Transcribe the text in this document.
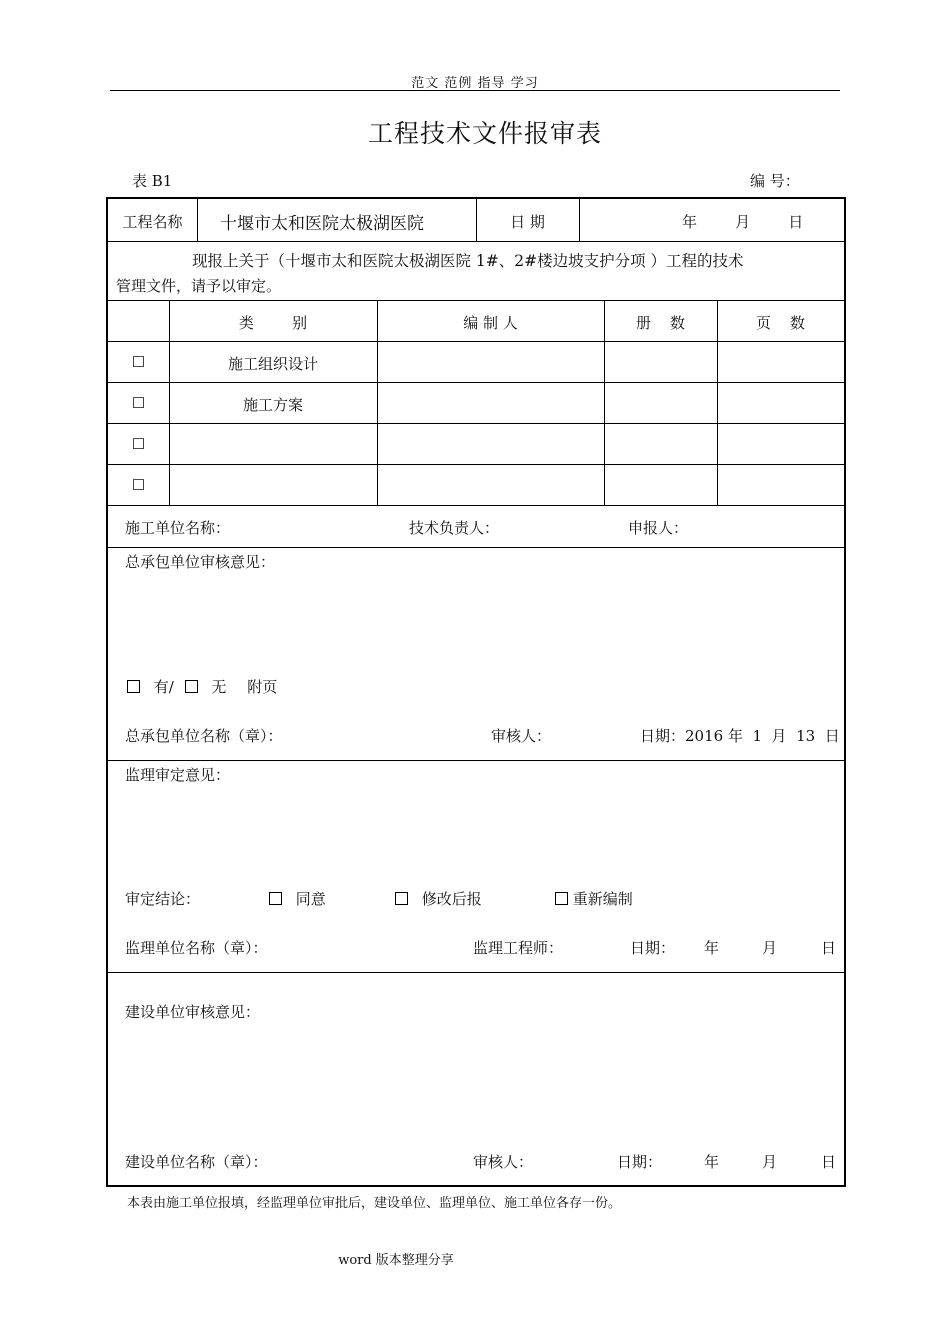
范文 范例 指导 学习
工程技术文件报审表
表 B1	编 号：
工程名称	十堰市太和医院太极湖医院	日 期	年        月        日
现报上关于（十堰市太和医院太极湖医院 1#、2#楼边坡支护分项 ）工程的技术
管理文件，请予以审定。
类        别	编 制 人	册    数	页    数
☐	施工组织设计
☐	施工方案
☐
☐
施工单位名称：	技术负责人：	申报人：
总承包单位审核意见：
有/	无 附页
总承包单位名称（章）：	审核人：	日期：2016 年  1  月  13  日
监理审定意见：
审定结论：	同意	修改后报	重新编制
监理单位名称（章）：	监理工程师：	日期： 年	月	日
建设单位审核意见：
建设单位名称（章）：	审核人：	日期：	年	月	日
本表由施工单位报填，经监理单位审批后，建设单位、监理单位、施工单位各存一份。
word 版本整理分享
